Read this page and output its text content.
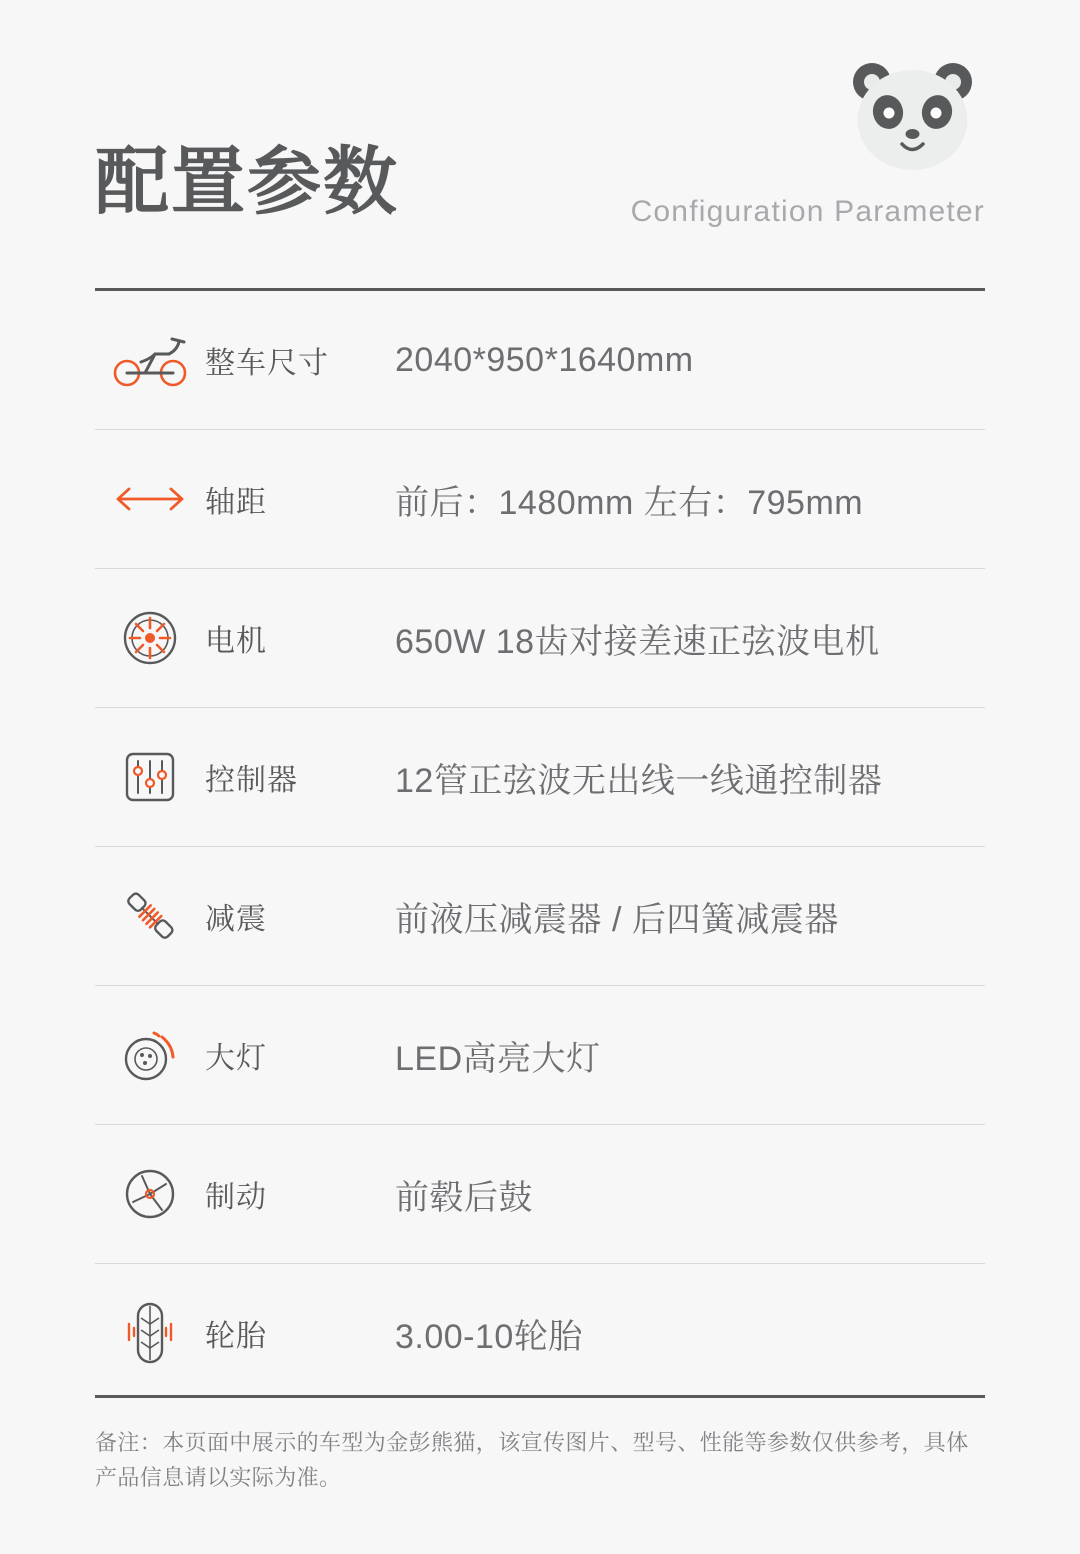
配置参数	Configuration Parameter
整车尺寸	2040*950*1640mm
轴距	前后：1480mm 左右：795mm
电机	650W 18齿对接差速正弦波电机
控制器	12管正弦波无出线一线通控制器
减震	前液压减震器 / 后四簧减震器
大灯	LED高亮大灯
制动	前毂后鼓
轮胎	3.00-10轮胎
备注：本页面中展示的车型为金彭熊猫，该宣传图片、型号、性能等参数仅供参考，具体产品信息请以实际为准。
